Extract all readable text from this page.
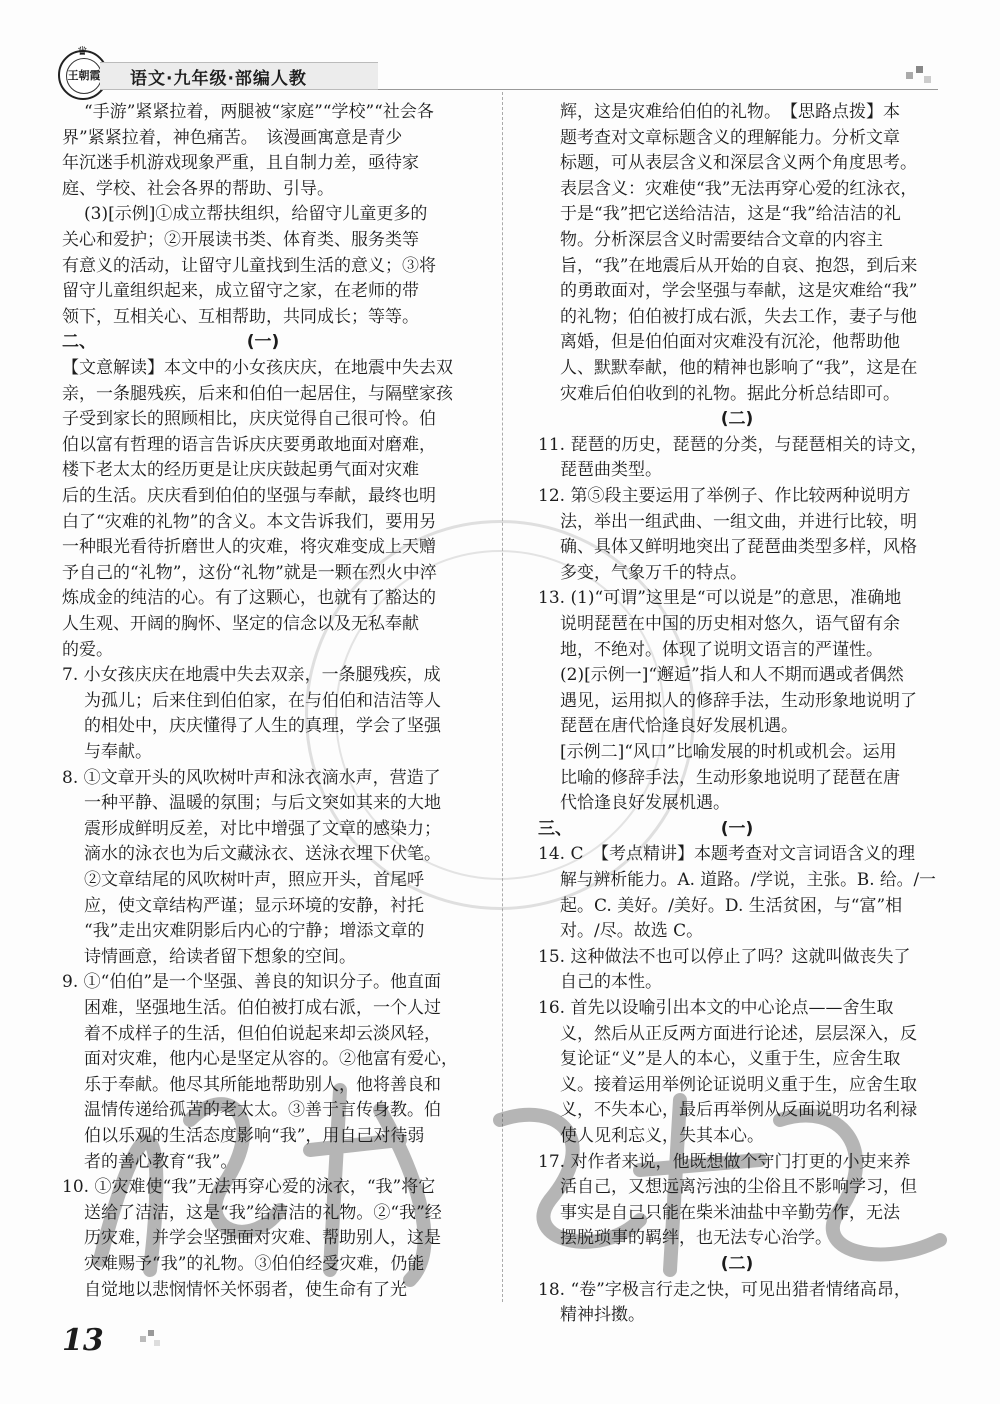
♛
王朝霞 语文·九年级·部编人教
“手游”紧紧拉着，两腿被“家庭”“学校”“社会各
界”紧紧拉着，神色痛苦。　该漫画寓意是青少
年沉迷手机游戏现象严重，且自制力差，亟待家
庭、学校、社会各界的帮助、引导。
(3)[示例]①成立帮扶组织，给留守儿童更多的
关心和爱护；②开展读书类、体育类、服务类等
有意义的活动，让留守儿童找到生活的意义；③将
留守儿童组织起来，成立留守之家，在老师的带
领下，互相关心、互相帮助，共同成长；等等。
二、	(一)
【文意解读】本文中的小女孩庆庆，在地震中失去双
亲，一条腿残疾，后来和伯伯一起居住，与隔壁家孩
子受到家长的照顾相比，庆庆觉得自己很可怜。伯
伯以富有哲理的语言告诉庆庆要勇敢地面对磨难，
楼下老太太的经历更是让庆庆鼓起勇气面对灾难
后的生活。庆庆看到伯伯的坚强与奉献，最终也明
白了“灾难的礼物”的含义。本文告诉我们，要用另
一种眼光看待折磨世人的灾难，将灾难变成上天赠
予自己的“礼物”，这份“礼物”就是一颗在烈火中淬
炼成金的纯洁的心。有了这颗心，也就有了豁达的
人生观、开阔的胸怀、坚定的信念以及无私奉献
的爱。
7. 小女孩庆庆在地震中失去双亲，一条腿残疾，成
为孤儿；后来住到伯伯家，在与伯伯和洁洁等人
的相处中，庆庆懂得了人生的真理，学会了坚强
与奉献。
8. ①文章开头的风吹树叶声和泳衣滴水声，营造了
一种平静、温暖的氛围；与后文突如其来的大地
震形成鲜明反差，对比中增强了文章的感染力；
滴水的泳衣也为后文藏泳衣、送泳衣埋下伏笔。
②文章结尾的风吹树叶声，照应开头，首尾呼
应，使文章结构严谨；显示环境的安静，衬托
“我”走出灾难阴影后内心的宁静；增添文章的
诗情画意，给读者留下想象的空间。
9. ①“伯伯”是一个坚强、善良的知识分子。他直面
困难，坚强地生活。伯伯被打成右派，一个人过
着不成样子的生活，但伯伯说起来却云淡风轻，
面对灾难，他内心是坚定从容的。②他富有爱心，
乐于奉献。他尽其所能地帮助别人，他将善良和
温情传递给孤苦的老太太。③善于言传身教。伯
伯以乐观的生活态度影响“我”，用自己对待弱
者的善心教育“我”。
10. ①灾难使“我”无法再穿心爱的泳衣，“我”将它
送给了洁洁，这是“我”给洁洁的礼物。②“我”经
历灾难，并学会坚强面对灾难、帮助别人，这是
灾难赐予“我”的礼物。③伯伯经受灾难，仍能
自觉地以悲悯情怀关怀弱者，使生命有了光
辉，这是灾难给伯伯的礼物。　【思路点拨】本
题考查对文章标题含义的理解能力。分析文章
标题，可从表层含义和深层含义两个角度思考。
表层含义：灾难使“我”无法再穿心爱的红泳衣，
于是“我”把它送给洁洁，这是“我”给洁洁的礼
物。分析深层含义时需要结合文章的内容主
旨，“我”在地震后从开始的自哀、抱怨，到后来
的勇敢面对，学会坚强与奉献，这是灾难给“我”
的礼物；伯伯被打成右派，失去工作，妻子与他
离婚，但是伯伯面对灾难没有沉沦，他帮助他
人、默默奉献，他的精神也影响了“我”，这是在
灾难后伯伯收到的礼物。据此分析总结即可。
(二)
11. 琵琶的历史，琵琶的分类，与琵琶相关的诗文，
琵琶曲类型。
12. 第⑤段主要运用了举例子、作比较两种说明方
法，举出一组武曲、一组文曲，并进行比较，明
确、具体又鲜明地突出了琵琶曲类型多样，风格
多变，气象万千的特点。
13. (1)“可谓”这里是“可以说是”的意思，准确地
说明琵琶在中国的历史相对悠久，语气留有余
地，不绝对。体现了说明文语言的严谨性。
(2)[示例一]“邂逅”指人和人不期而遇或者偶然
遇见，运用拟人的修辞手法，生动形象地说明了
琵琶在唐代恰逢良好发展机遇。
[示例二]“风口”比喻发展的时机或机会。运用
比喻的修辞手法，生动形象地说明了琵琶在唐
代恰逢良好发展机遇。
三、	(一)
14. C　【考点精讲】本题考查对文言词语含义的理
解与辨析能力。A. 道路。/学说，主张。B. 给。/一
起。C. 美好。/美好。D. 生活贫困，与“富”相
对。/尽。故选 C。
15. 这种做法不也可以停止了吗？这就叫做丧失了
自己的本性。
16. 首先以设喻引出本文的中心论点——舍生取
义，然后从正反两方面进行论述，层层深入，反
复论证“义”是人的本心，义重于生，应舍生取
义。接着运用举例论证说明义重于生，应舍生取
义，不失本心，最后再举例从反面说明功名利禄
使人见利忘义，失其本心。
17. 对作者来说，他既想做个守门打更的小吏来养
活自己，又想远离污浊的尘俗且不影响学习，但
事实是自己只能在柴米油盐中辛勤劳作，无法
摆脱琐事的羁绊，也无法专心治学。
(二)
18. “卷”字极言行走之快，可见出猎者情绪高昂，
精神抖擞。
13
